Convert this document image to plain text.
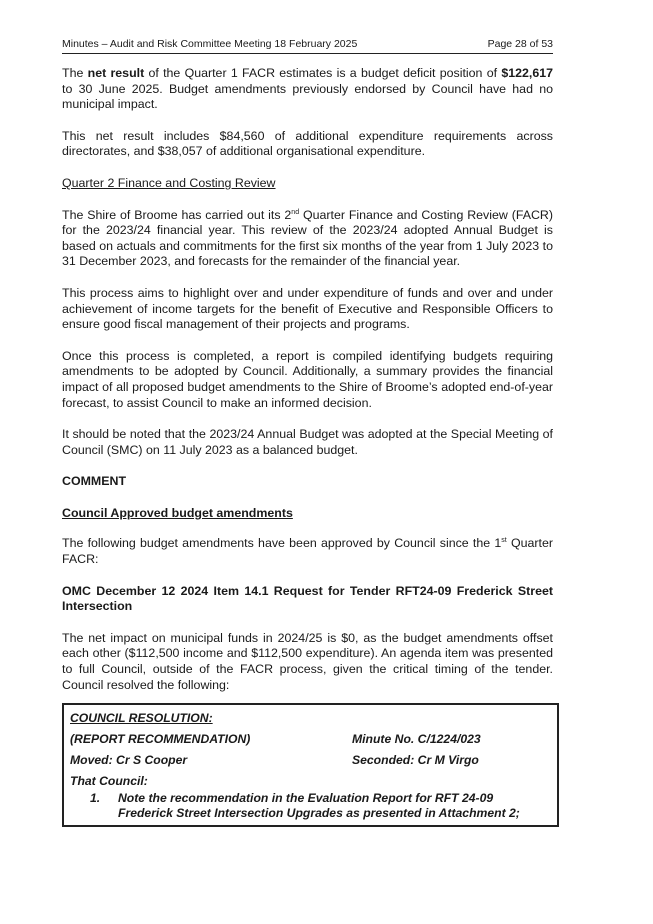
Minutes – Audit and Risk Committee Meeting 18 February 2025	Page 28 of 53

The net result of the Quarter 1 FACR estimates is a budget deficit position of $122,617 to 30 June 2025. Budget amendments previously endorsed by Council have had no municipal impact.

This net result includes $84,560 of additional expenditure requirements across directorates, and $38,057 of additional organisational expenditure.

Quarter 2 Finance and Costing Review

The Shire of Broome has carried out its 2nd Quarter Finance and Costing Review (FACR) for the 2023/24 financial year. This review of the 2023/24 adopted Annual Budget is based on actuals and commitments for the first six months of the year from 1 July 2023 to 31 December 2023, and forecasts for the remainder of the financial year.

This process aims to highlight over and under expenditure of funds and over and under achievement of income targets for the benefit of Executive and Responsible Officers to ensure good fiscal management of their projects and programs.

Once this process is completed, a report is compiled identifying budgets requiring amendments to be adopted by Council. Additionally, a summary provides the financial impact of all proposed budget amendments to the Shire of Broome’s adopted end-of-year forecast, to assist Council to make an informed decision.

It should be noted that the 2023/24 Annual Budget was adopted at the Special Meeting of Council (SMC) on 11 July 2023 as a balanced budget.

COMMENT
Council Approved budget amendments

The following budget amendments have been approved by Council since the 1st Quarter FACR:

OMC December 12 2024 Item 14.1 Request for Tender RFT24-09 Frederick Street Intersection

The net impact on municipal funds in 2024/25 is $0, as the budget amendments offset each other ($112,500 income and $112,500 expenditure). An agenda item was presented to full Council, outside of the FACR process, given the critical timing of the tender. Council resolved the following:

COUNCIL RESOLUTION:
(REPORT RECOMMENDATION)	Minute No. C/1224/023
Moved: Cr S Cooper	Seconded: Cr M Virgo
That Council:
1.	Note the recommendation in the Evaluation Report for RFT 24-09 Frederick Street Intersection Upgrades as presented in Attachment 2;
